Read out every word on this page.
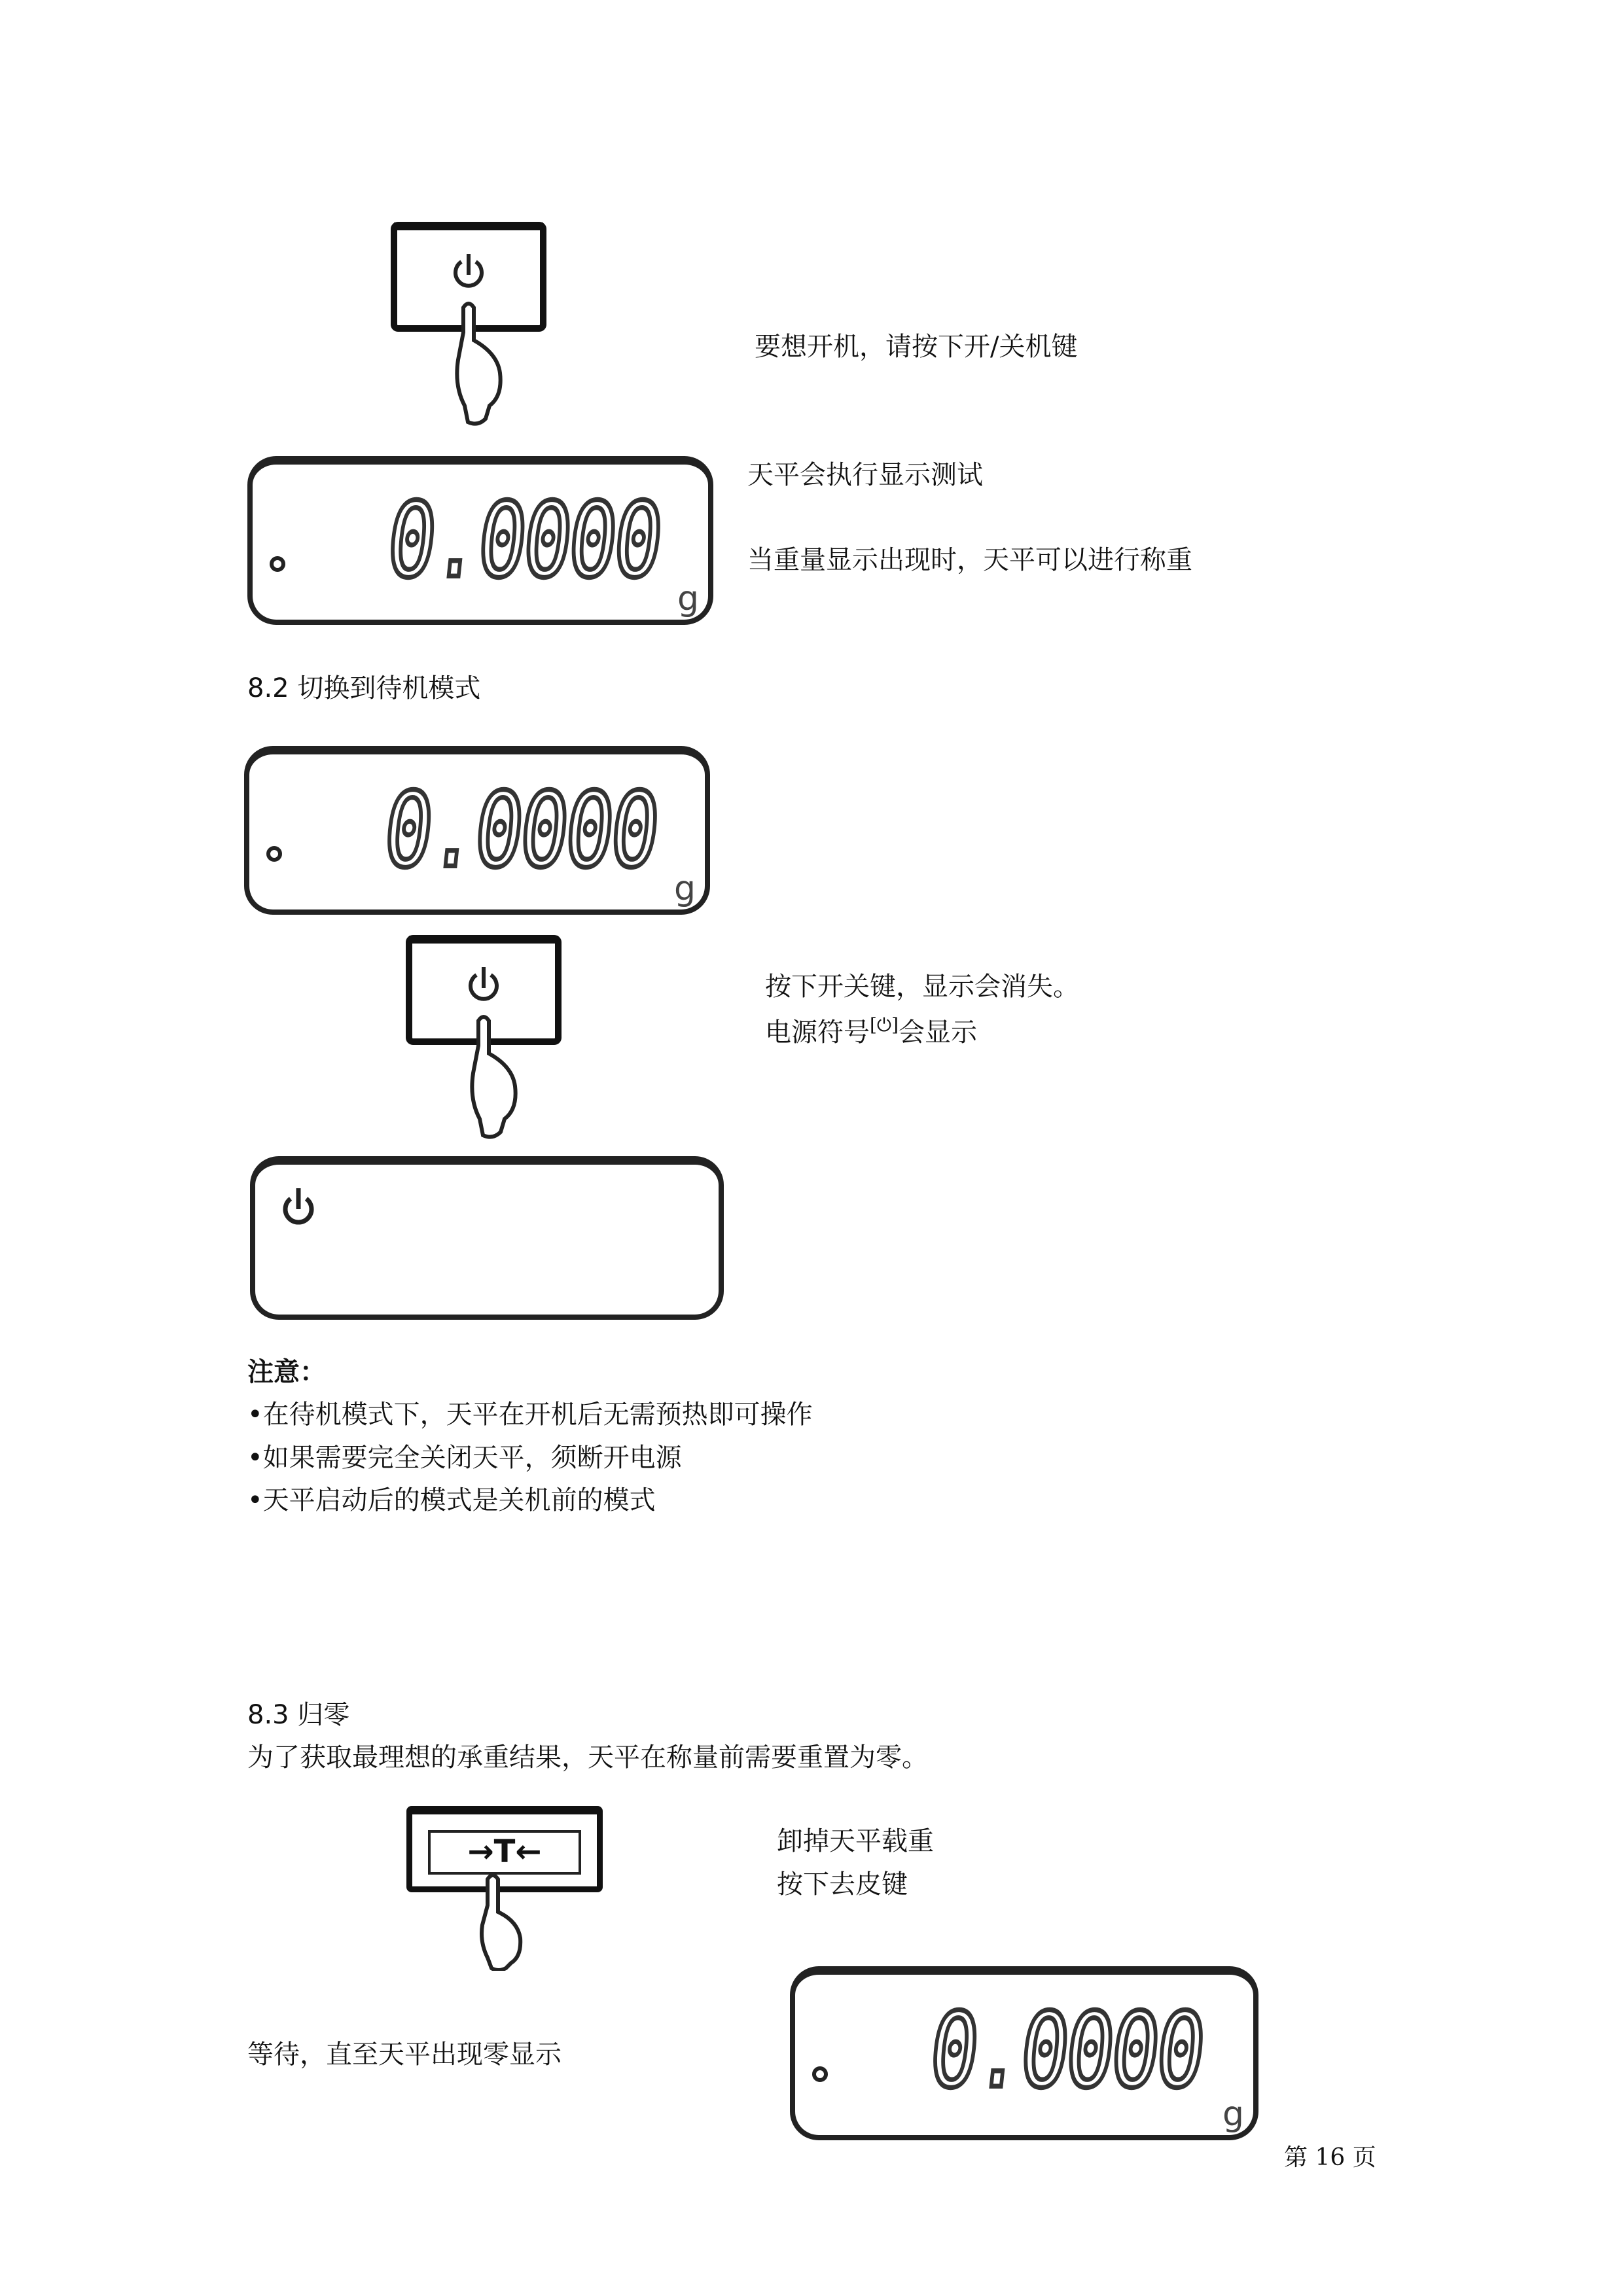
要想开机，请按下开/关机键
0.0000 g
天平会执行显示测试
当重量显示出现时，天平可以进行称重
8.2 切换到待机模式
0.0000 g
按下开关键，显示会消失。
电源符号[⏻]会显示
注意：
•在待机模式下，天平在开机后无需预热即可操作
•如果需要完全关闭天平，须断开电源
•天平启动后的模式是关机前的模式
8.3 归零
为了获取最理想的承重结果，天平在称量前需要重置为零。
→T←	卸掉天平载重
按下去皮键
等待，直至天平出现零显示	0.0000
g
第 16 页
